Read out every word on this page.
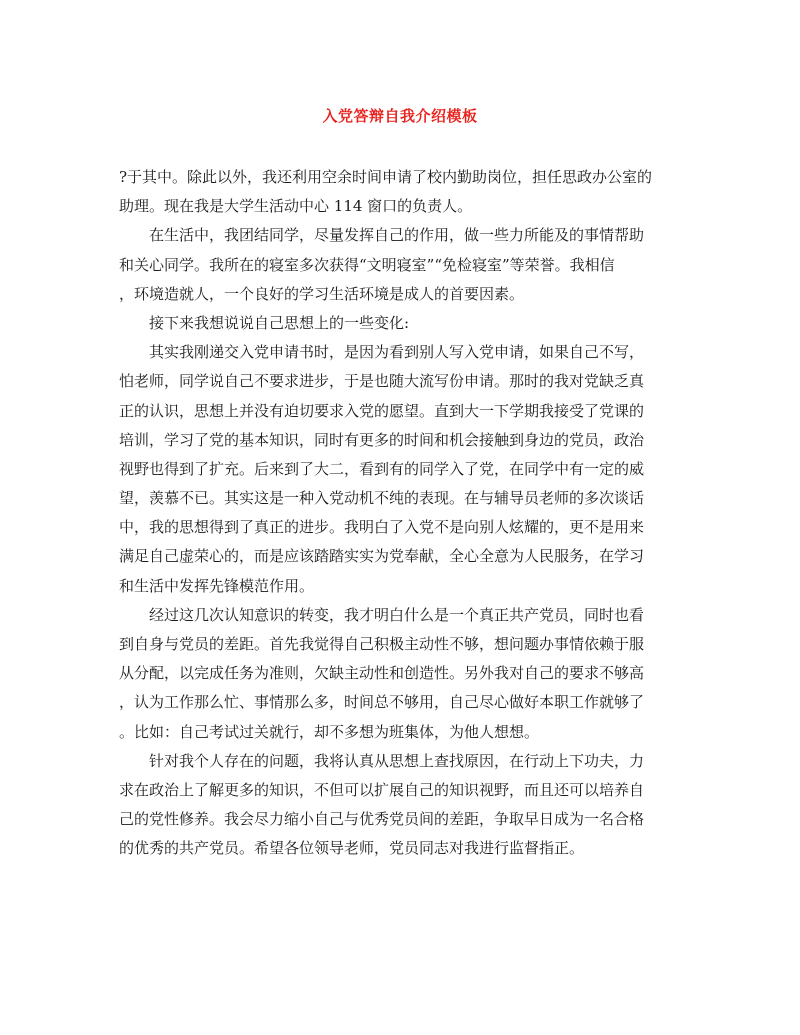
入党答辩自我介绍模板

?于其中。除此以外，我还利用空余时间申请了校内勤助岗位，担任思政办公室的
助理。现在我是大学生活动中心 114 窗口的负责人。

在生活中，我团结同学，尽量发挥自己的作用，做一些力所能及的事情帮助
和关心同学。我所在的寝室多次获得“文明寝室”“免检寝室”等荣誉。我相信
，环境造就人，一个良好的学习生活环境是成人的首要因素。

接下来我想说说自己思想上的一些变化:

其实我刚递交入党申请书时，是因为看到别人写入党申请，如果自己不写，
怕老师，同学说自己不要求进步，于是也随大流写份申请。那时的我对党缺乏真
正的认识，思想上并没有迫切要求入党的愿望。直到大一下学期我接受了党课的
培训，学习了党的基本知识，同时有更多的时间和机会接触到身边的党员，政治
视野也得到了扩充。后来到了大二，看到有的同学入了党，在同学中有一定的威
望，羡慕不已。其实这是一种入党动机不纯的表现。在与辅导员老师的多次谈话
中，我的思想得到了真正的进步。我明白了入党不是向别人炫耀的，更不是用来
满足自己虚荣心的，而是应该踏踏实实为党奉献，全心全意为人民服务，在学习
和生活中发挥先锋模范作用。

经过这几次认知意识的转变，我才明白什么是一个真正共产党员，同时也看
到自身与党员的差距。首先我觉得自己积极主动性不够，想问题办事情依赖于服
从分配，以完成任务为准则，欠缺主动性和创造性。另外我对自己的要求不够高
，认为工作那么忙、事情那么多，时间总不够用，自己尽心做好本职工作就够了
。比如：自己考试过关就行，却不多想为班集体，为他人想想。

针对我个人存在的问题，我将认真从思想上查找原因，在行动上下功夫，力
求在政治上了解更多的知识，不但可以扩展自己的知识视野，而且还可以培养自
己的党性修养。我会尽力缩小自己与优秀党员间的差距，争取早日成为一名合格
的优秀的共产党员。希望各位领导老师，党员同志对我进行监督指正。
